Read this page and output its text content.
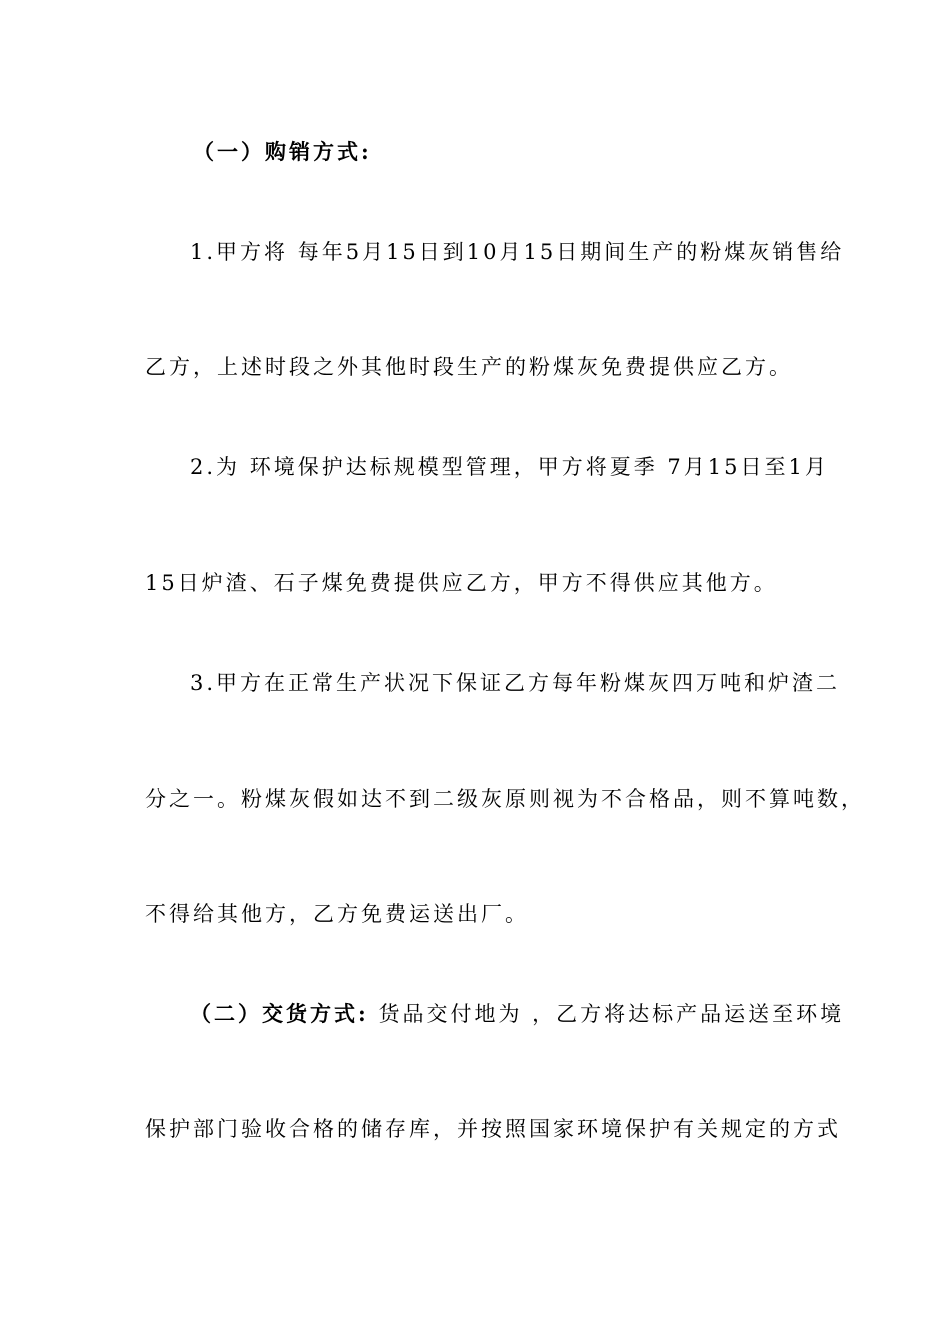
（一）购销方式:
1.甲方将 每年5月15日到10月15日期间生产的粉煤灰销售给
乙方，上述时段之外其他时段生产的粉煤灰免费提供应乙方。
2.为 环境保护达标规模型管理，甲方将夏季 7月15日至1月
15日炉渣、石子煤免费提供应乙方，甲方不得供应其他方。
3.甲方在正常生产状况下保证乙方每年粉煤灰四万吨和炉渣二
分之一。粉煤灰假如达不到二级灰原则视为不合格品，则不算吨数，
不得给其他方，乙方免费运送出厂。
（二）交货方式: 货品交付地为 ，乙方将达标产品运送至环境
保护部门验收合格的储存库，并按照国家环境保护有关规定的方式
